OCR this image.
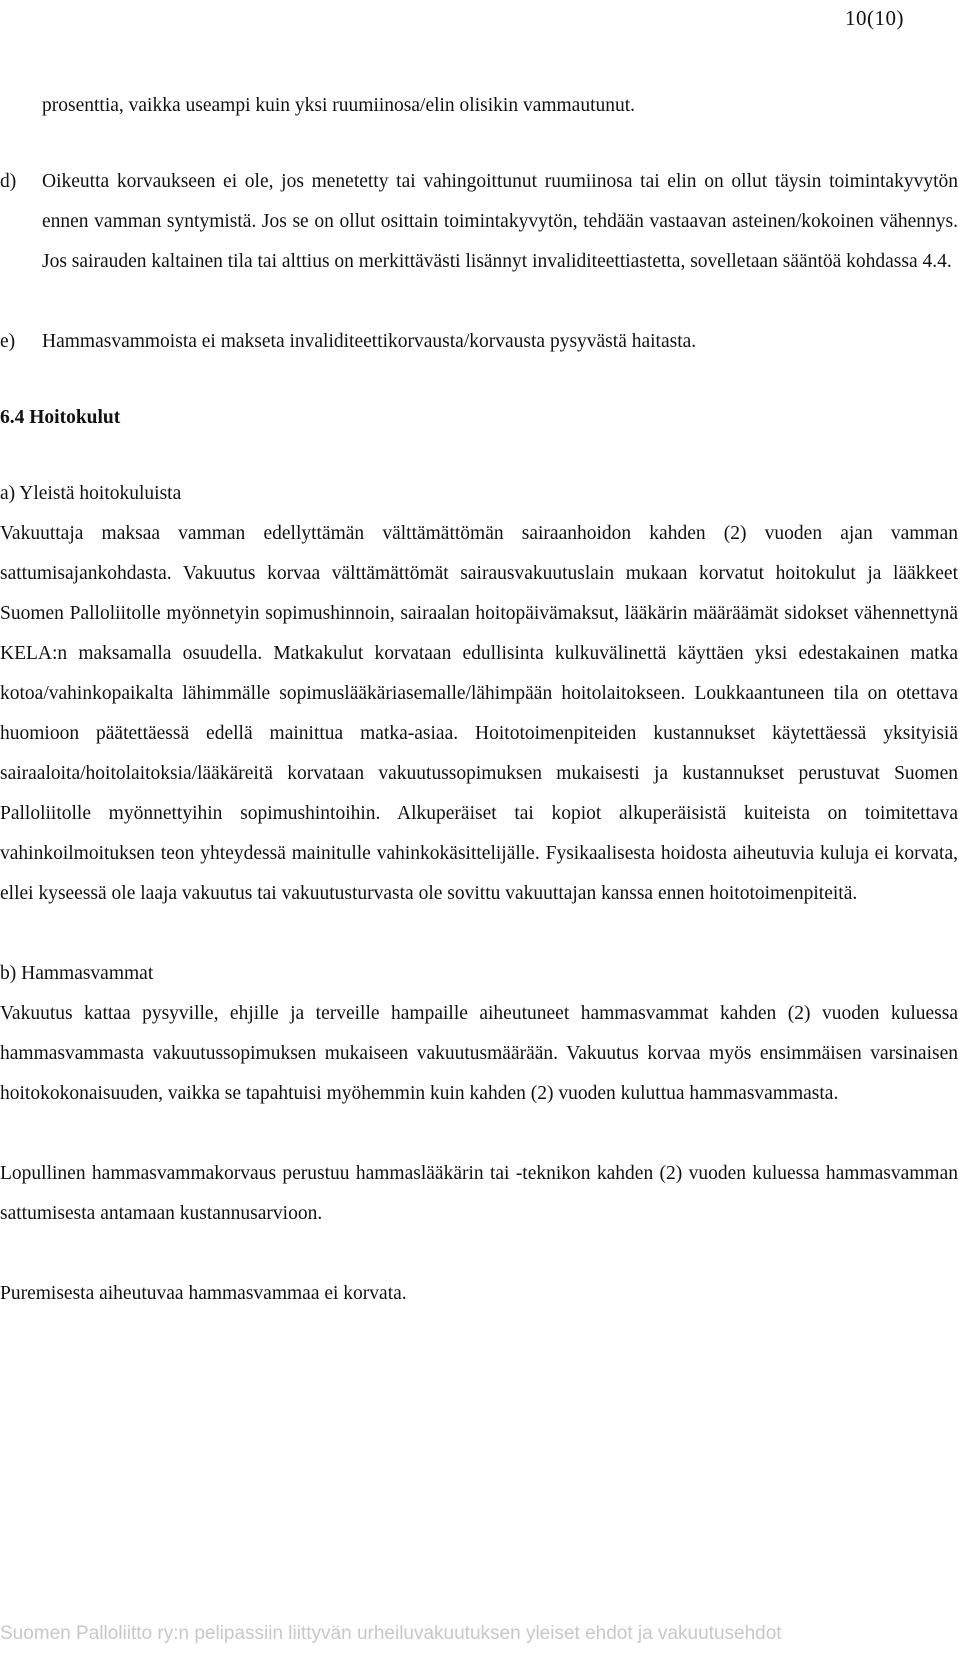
10(10)

prosenttia, vaikka useampi kuin yksi ruumiinosa/elin olisikin vammautunut.

d)	Oikeutta korvaukseen ei ole, jos menetetty tai vahingoittunut ruumiinosa tai elin on ollut täysin toimintakyvytön ennen vamman syntymistä. Jos se on ollut osittain toimintakyvytön, tehdään vastaavan asteinen/kokoinen vähennys. Jos sairauden kaltainen tila tai alttius on merkittävästi lisännyt invaliditeettiastetta, sovelletaan sääntöä kohdassa 4.4.
e)	Hammasvammoista ei makseta invaliditeettikorvausta/korvausta pysyvästä haitasta.

6.4 Hoitokulut

a) Yleistä hoitokuluista

Vakuuttaja maksaa vamman edellyttämän välttämättömän sairaanhoidon kahden (2) vuoden ajan vamman sattumisajankohdasta. Vakuutus korvaa välttämättömät sairausvakuutuslain mukaan korvatut hoitokulut ja lääkkeet Suomen Palloliitolle myönnetyin sopimushinnoin, sairaalan hoitopäivämaksut, lääkärin määräämät sidokset vähennettynä KELA:n maksamalla osuudella. Matkakulut korvataan edullisinta kulkuvälinettä käyttäen yksi edestakainen matka kotoa/vahinkopaikalta lähimmälle sopimuslääkäriasemalle/lähimpään hoitolaitokseen. Loukkaantuneen tila on otettava huomioon päätettäessä edellä mainittua matka-asiaa. Hoitotoimenpiteiden kustannukset käytettäessä yksityisiä sairaaloita/hoitolaitoksia/lääkäreitä korvataan vakuutussopimuksen mukaisesti ja kustannukset perustuvat Suomen Palloliitolle myönnettyihin sopimushintoihin. Alkuperäiset tai kopiot alkuperäisistä kuiteista on toimitettava vahinkoilmoituksen teon yhteydessä mainitulle vahinkokäsittelijälle. Fysikaalisesta hoidosta aiheutuvia kuluja ei korvata, ellei kyseessä ole laaja vakuutus tai vakuutusturvasta ole sovittu vakuuttajan kanssa ennen hoitotoimenpiteitä.

b) Hammasvammat

Vakuutus kattaa pysyville, ehjille ja terveille hampaille aiheutuneet hammasvammat kahden (2) vuoden kuluessa hammasvammasta vakuutussopimuksen mukaiseen vakuutusmäärään. Vakuutus korvaa myös ensimmäisen varsinaisen hoitokokonaisuuden, vaikka se tapahtuisi myöhemmin kuin kahden (2) vuoden kuluttua hammasvammasta.

Lopullinen hammasvammakorvaus perustuu hammaslääkärin tai -teknikon kahden (2) vuoden kuluessa hammasvamman sattumisesta antamaan kustannusarvioon.

Puremisesta aiheutuvaa hammasvammaa ei korvata.

Suomen Palloliitto ry:n pelipassiin liittyvän urheiluvakuutuksen yleiset ehdot ja vakuutusehdot
